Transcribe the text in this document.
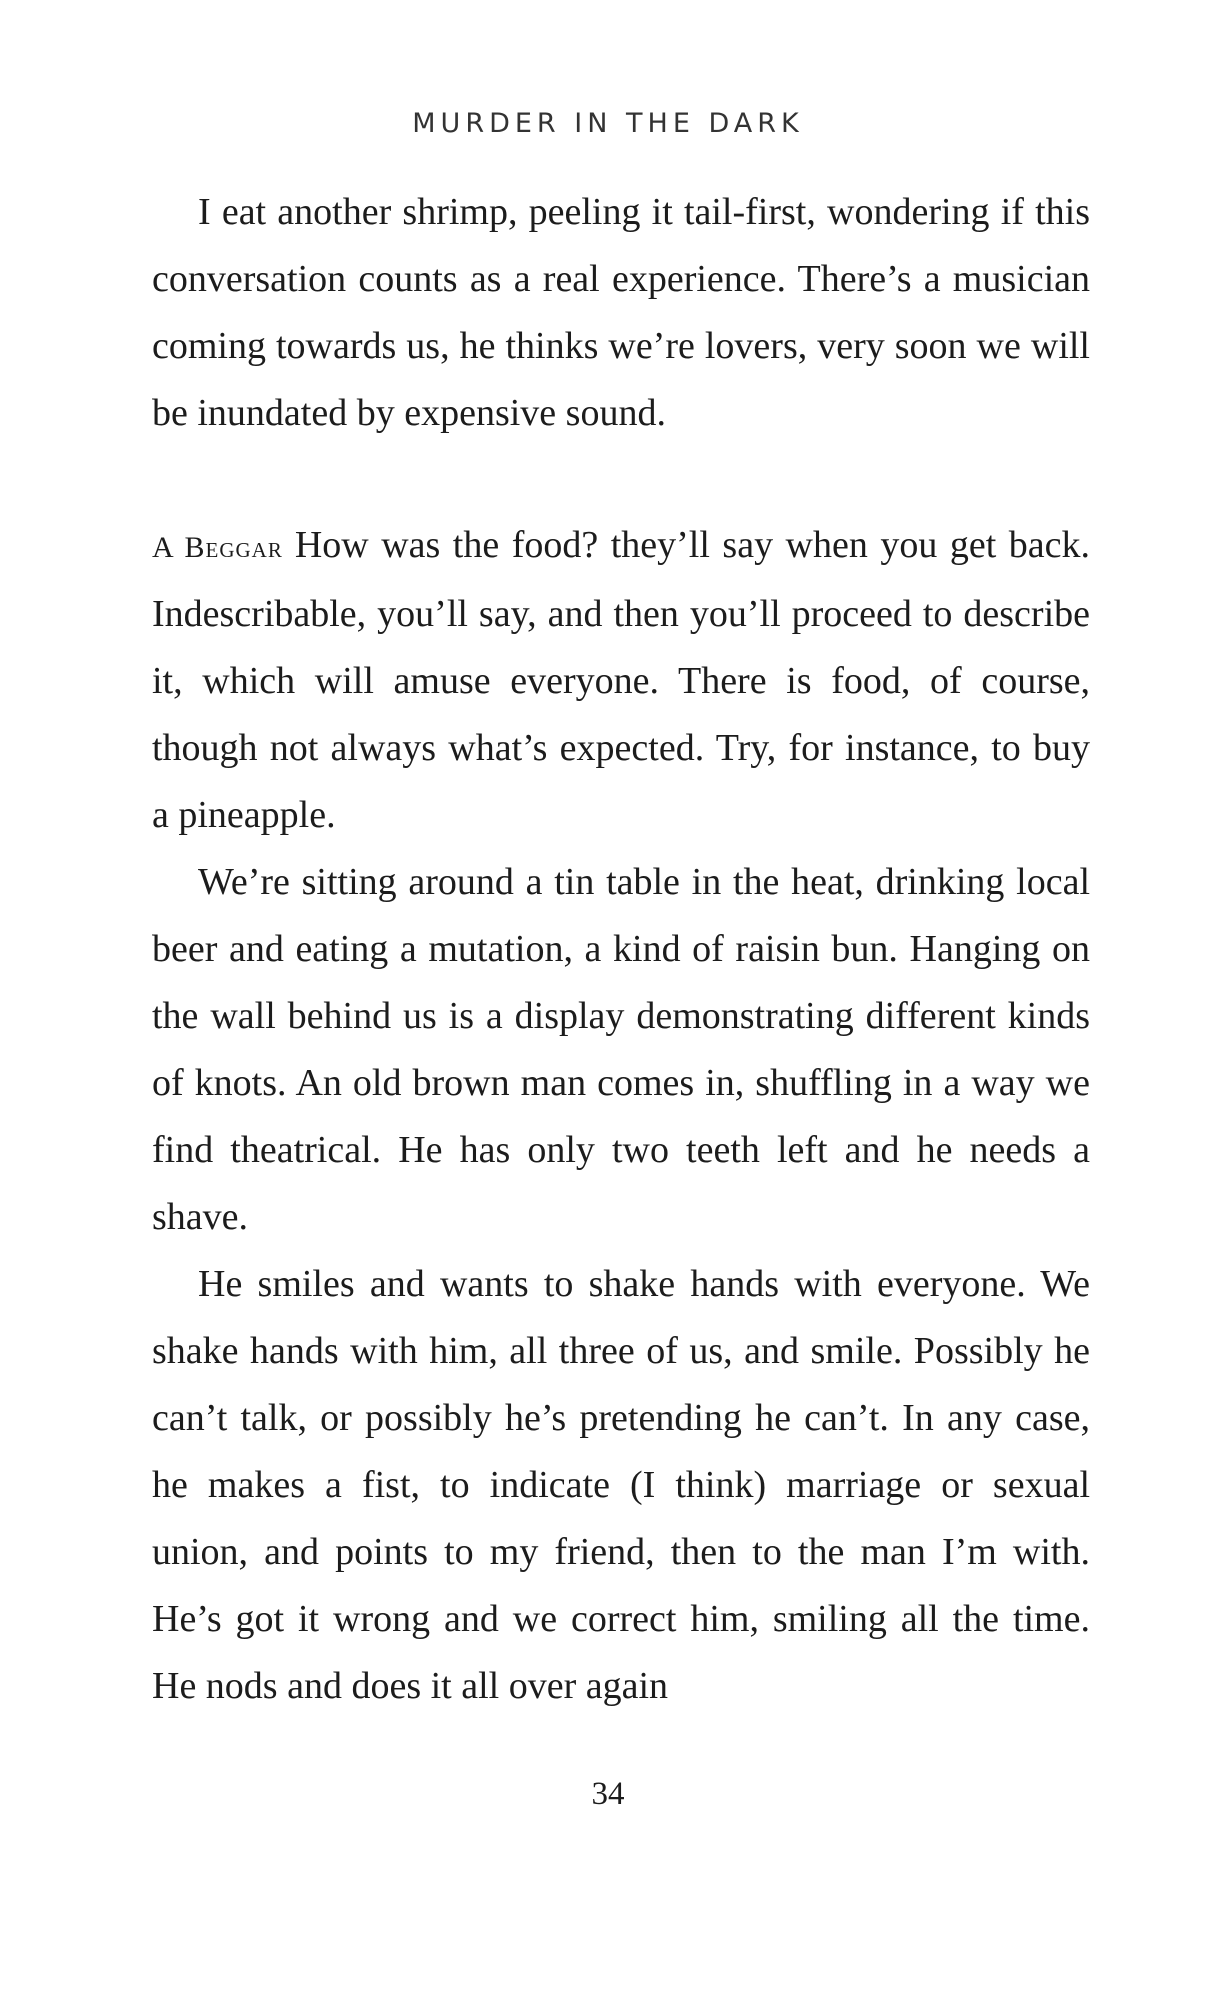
MURDER IN THE DARK

I eat another shrimp, peeling it tail-first, wondering if this conversation counts as a real experience. There’s a musician coming towards us, he thinks we’re lovers, very soon we will be inundated by expensive sound.

A Beggar How was the food? they’ll say when you get back. Indescribable, you’ll say, and then you’ll proceed to describe it, which will amuse everyone. There is food, of course, though not always what’s expected. Try, for instance, to buy a pineapple.

We’re sitting around a tin table in the heat, drinking local beer and eating a mutation, a kind of raisin bun. Hanging on the wall behind us is a display demonstrating different kinds of knots. An old brown man comes in, shuffling in a way we find theatrical. He has only two teeth left and he needs a shave.

He smiles and wants to shake hands with everyone. We shake hands with him, all three of us, and smile. Possibly he can’t talk, or possibly he’s pretending he can’t. In any case, he makes a fist, to indicate (I think) marriage or sexual union, and points to my friend, then to the man I’m with. He’s got it wrong and we correct him, smiling all the time. He nods and does it all over again

34
